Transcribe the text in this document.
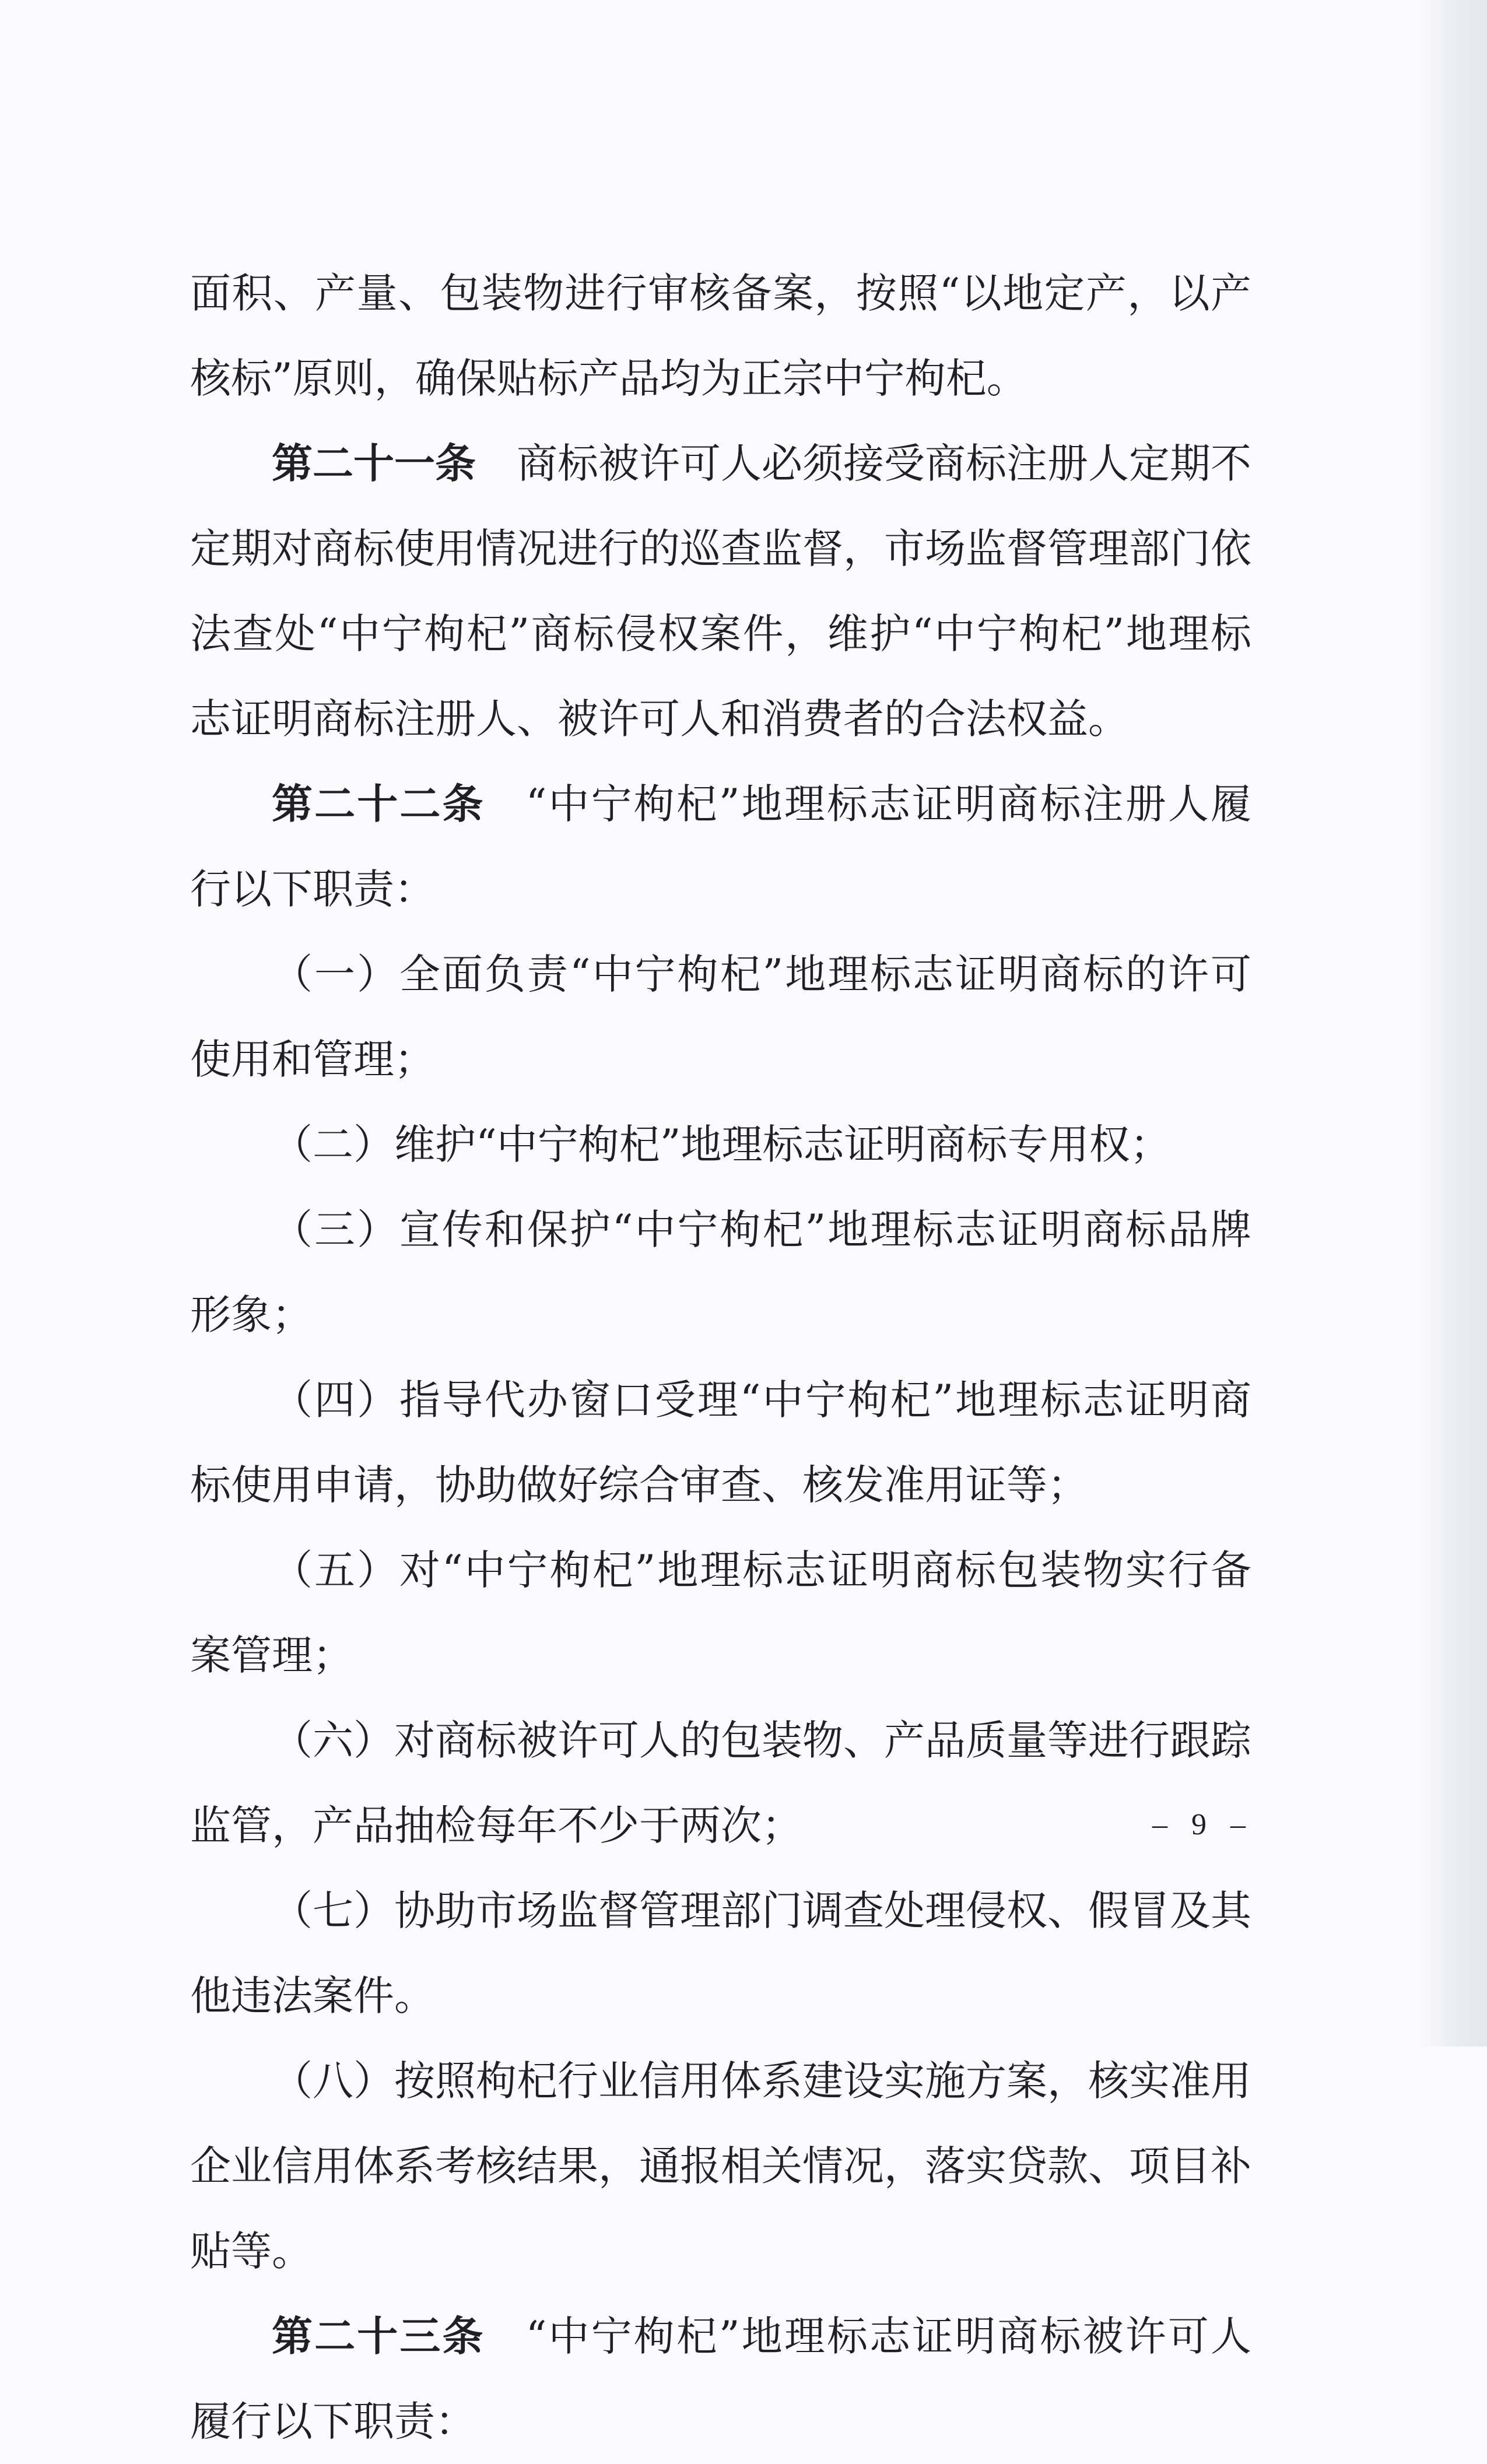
面积、产量、包装物进行审核备案，按照“以地定产，以产核标”原则，确保贴标产品均为正宗中宁枸杞。

第二十一条 商标被许可人必须接受商标注册人定期不定期对商标使用情况进行的巡查监督，市场监督管理部门依法查处“中宁枸杞”商标侵权案件，维护“中宁枸杞”地理标志证明商标注册人、被许可人和消费者的合法权益。

第二十二条 “中宁枸杞”地理标志证明商标注册人履行以下职责：

（一）全面负责“中宁枸杞”地理标志证明商标的许可使用和管理；

（二）维护“中宁枸杞”地理标志证明商标专用权；

（三）宣传和保护“中宁枸杞”地理标志证明商标品牌形象；

（四）指导代办窗口受理“中宁枸杞”地理标志证明商标使用申请，协助做好综合审查、核发准用证等；

（五）对“中宁枸杞”地理标志证明商标包装物实行备案管理；

（六）对商标被许可人的包装物、产品质量等进行跟踪监管，产品抽检每年不少于两次；

（七）协助市场监督管理部门调查处理侵权、假冒及其他违法案件。

（八）按照枸杞行业信用体系建设实施方案，核实准用企业信用体系考核结果，通报相关情况，落实贷款、项目补贴等。

第二十三条 “中宁枸杞”地理标志证明商标被许可人履行以下职责：

– 9 –
